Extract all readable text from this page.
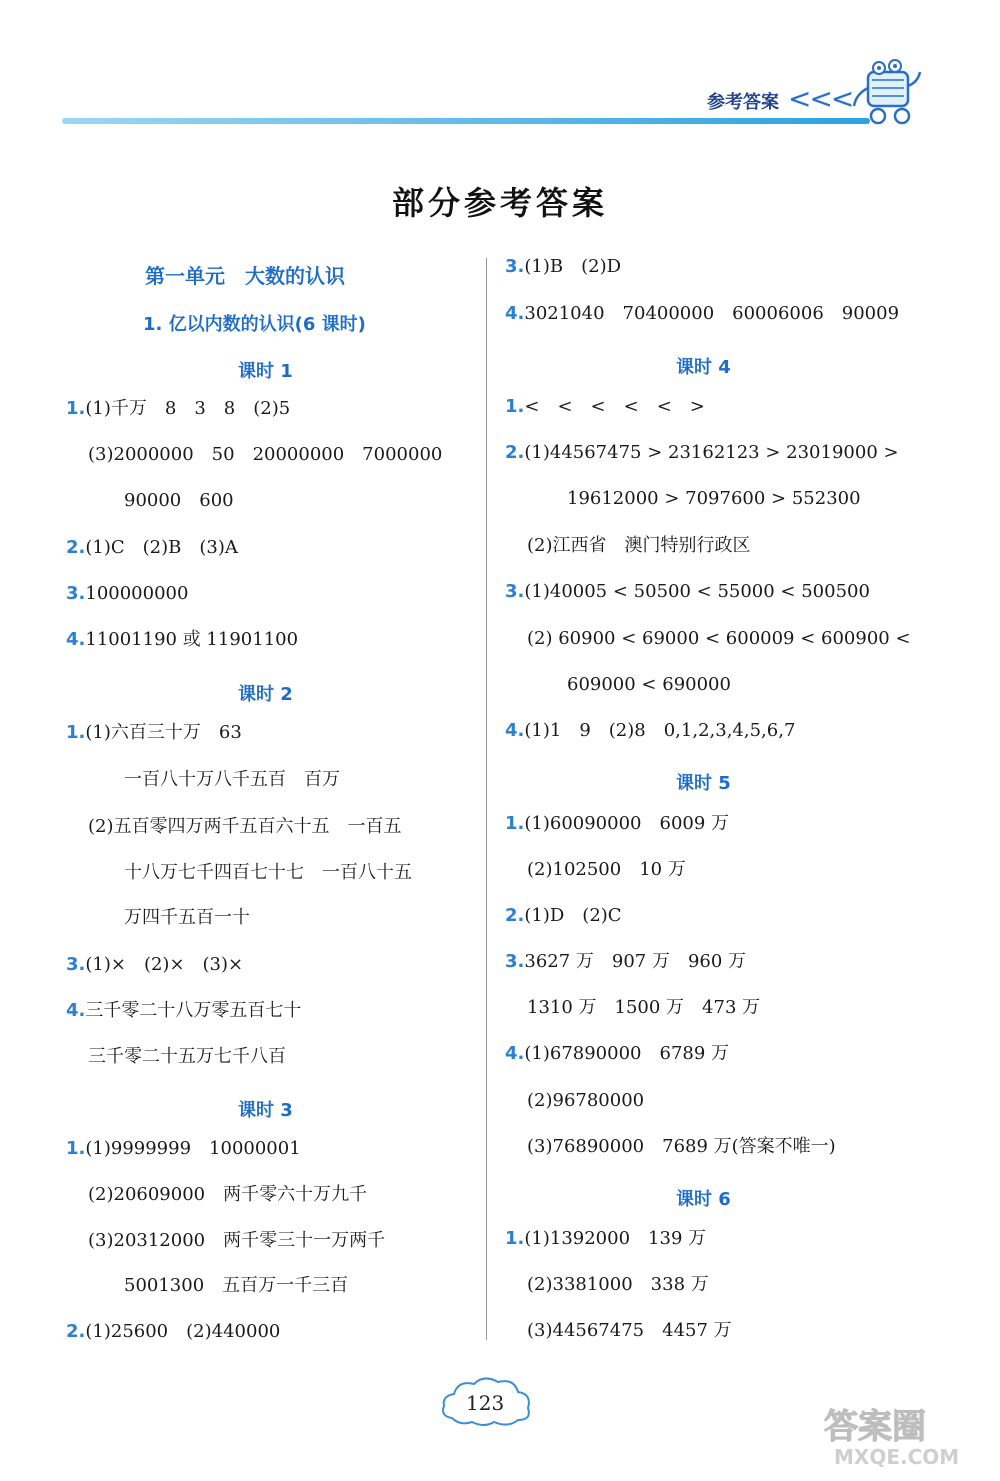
参考答案 <<<
部分参考答案
第一单元　大数的认识
1. 亿以内数的认识(6 课时)
课时 1
1.(1)千万　8　3　8　(2)5
(3)2000000　50　20000000　7000000
90000　600
2.(1)C　(2)B　(3)A
3.100000000
4.11001190 或 11901100
课时 2
1.(1)六百三十万　63
一百八十万八千五百　百万
(2)五百零四万两千五百六十五　一百五
十八万七千四百七十七　一百八十五
万四千五百一十
3.(1)×　(2)×　(3)×
4.三千零二十八万零五百七十
三千零二十五万七千八百
课时 3
1.(1)9999999　10000001
(2)20609000　两千零六十万九千
(3)20312000　两千零三十一万两千
5001300　五百万一千三百
2.(1)25600　(2)440000
3.(1)B　(2)D
4.3021040　70400000　60006006　90009
课时 4
1.<　<　<　<　<　>
2.(1)44567475 > 23162123 > 23019000 >
19612000 > 7097600 > 552300
(2)江西省　澳门特别行政区
3.(1)40005 < 50500 < 55000 < 500500
(2) 60900 < 69000 < 600009 < 600900 <
609000 < 690000
4.(1)1　9　(2)8　0,1,2,3,4,5,6,7
课时 5
1.(1)60090000　6009 万
(2)102500　10 万
2.(1)D　(2)C
3.3627 万　907 万　960 万
1310 万　1500 万　473 万
4.(1)67890000　6789 万
(2)96780000
(3)76890000　7689 万(答案不唯一)
课时 6
1.(1)1392000　139 万
(2)3381000　338 万
(3)44567475　4457 万
123
答案圈
MXQE.COM
